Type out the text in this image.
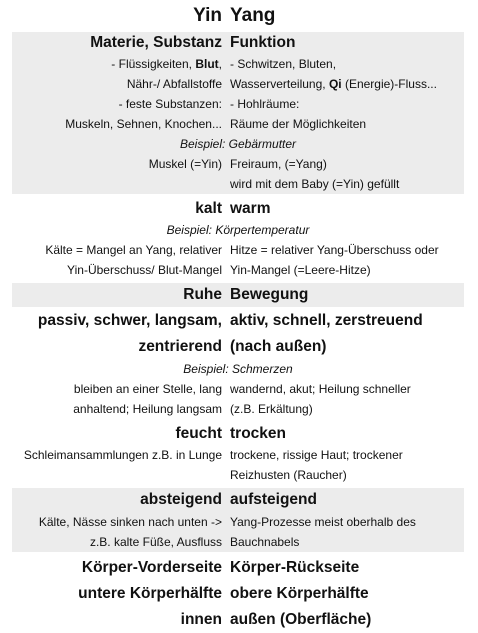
Yin Yang
Materie, Substanz Funktion
- Flüssigkeiten, Blut, - Schwitzen, Bluten,
Nähr-/ Abfallstoffe Wasserverteilung, Qi (Energie)-Fluss...
- feste Substanzen: - Hohlräume:
Muskeln, Sehnen, Knochen... Räume der Möglichkeiten
Beispiel: Gebärmutter
Muskel (=Yin) Freiraum, (=Yang)
wird mit dem Baby (=Yin) gefüllt
kalt warm
Beispiel: Körpertemperatur
Kälte = Mangel an Yang, relativer Hitze = relativer Yang-Überschuss oder
Yin-Überschuss/ Blut-Mangel Yin-Mangel (=Leere-Hitze)
Ruhe Bewegung
passiv, schwer, langsam, aktiv, schnell, zerstreuend
zentrierend (nach außen)
Beispiel: Schmerzen
bleiben an einer Stelle, lang wandernd, akut; Heilung schneller
anhaltend; Heilung langsam (z.B. Erkältung)
feucht trocken
Schleimansammlungen z.B. in Lunge trockene, rissige Haut; trockener
Reizhusten (Raucher)
absteigend aufsteigend
Kälte, Nässe sinken nach unten -> Yang-Prozesse meist oberhalb des
z.B. kalte Füße, Ausfluss Bauchnabels
Körper-Vorderseite Körper-Rückseite
untere Körperhälfte obere Körperhälfte
innen außen (Oberfläche)
